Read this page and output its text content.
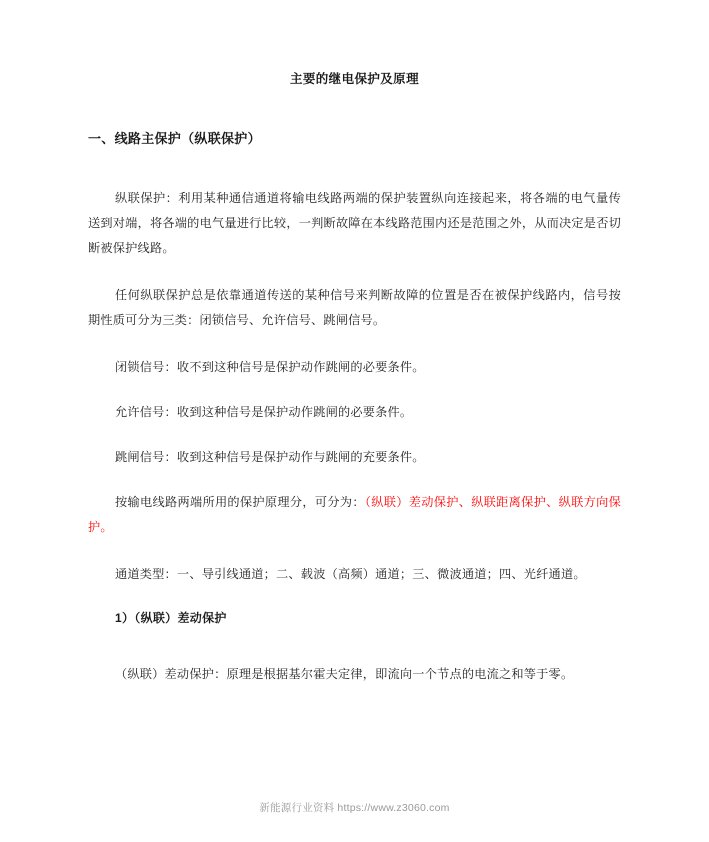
主要的继电保护及原理
一、线路主保护（纵联保护）

纵联保护：利用某种通信通道将输电线路两端的保护装置纵向连接起来，将各端的电气量传送到对端，将各端的电气量进行比较，一判断故障在本线路范围内还是范围之外，从而决定是否切断被保护线路。

任何纵联保护总是依靠通道传送的某种信号来判断故障的位置是否在被保护线路内，信号按期性质可分为三类：闭锁信号、允许信号、跳闸信号。

闭锁信号：收不到这种信号是保护动作跳闸的必要条件。

允许信号：收到这种信号是保护动作跳闸的必要条件。

跳闸信号：收到这种信号是保护动作与跳闸的充要条件。

按输电线路两端所用的保护原理分，可分为：（纵联）差动保护、纵联距离保护、纵联方向保护。

通道类型：一、导引线通道；二、载波（高频）通道；三、微波通道；四、光纤通道。

1）（纵联）差动保护

（纵联）差动保护：原理是根据基尔霍夫定律，即流向一个节点的电流之和等于零。

新能源行业资料 https://www.z3060.com
